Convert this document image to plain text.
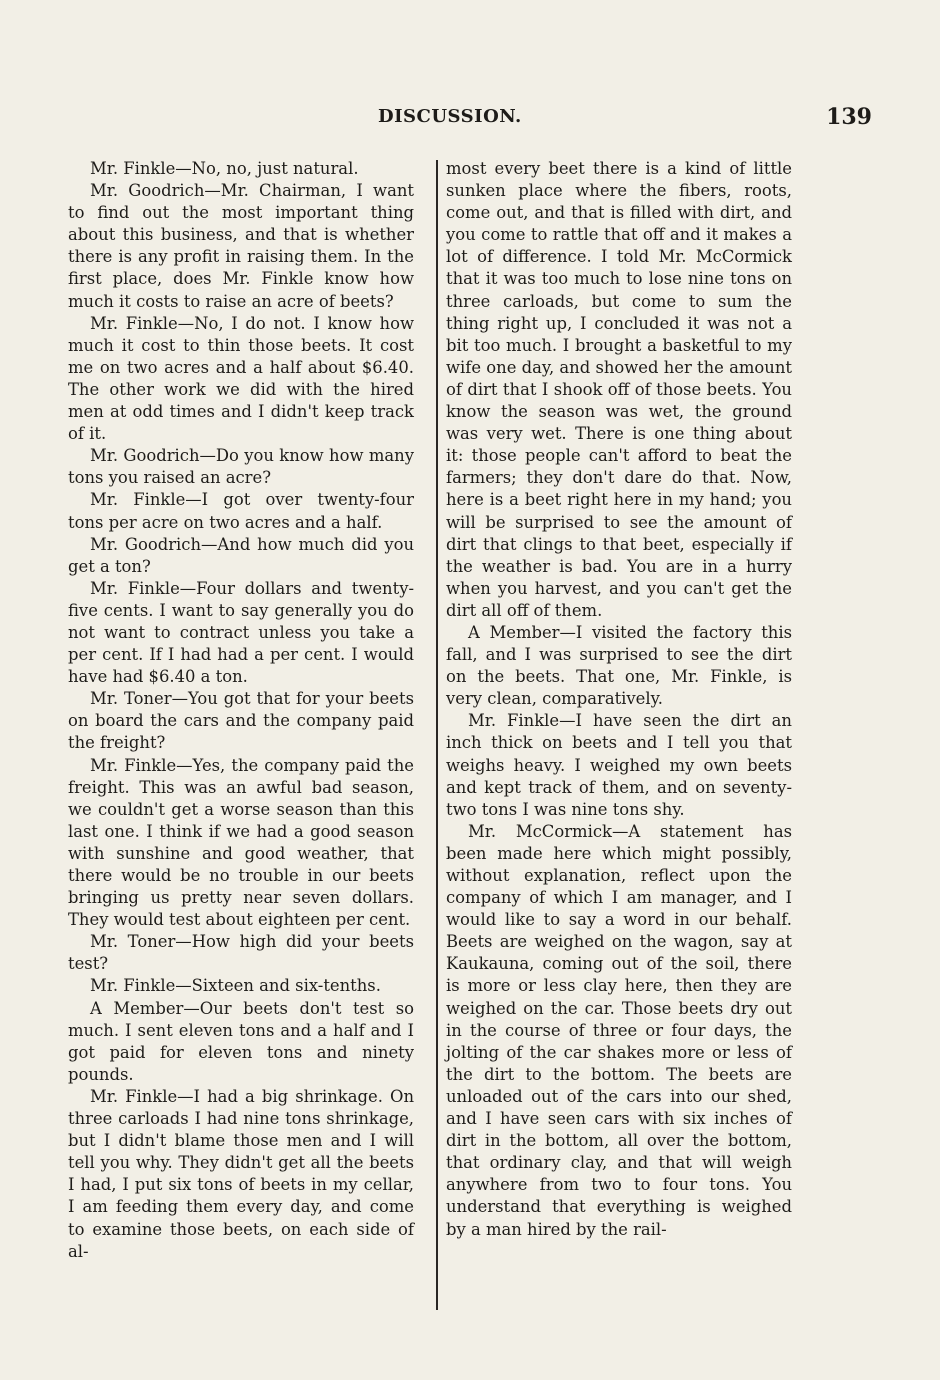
DISCUSSION.	139

Mr. Finkle—No, no, just natural.

Mr. Goodrich—Mr. Chairman, I want to find out the most important thing about this business, and that is whether there is any profit in raising them. In the first place, does Mr. Finkle know how much it costs to raise an acre of beets?

Mr. Finkle—No, I do not. I know how much it cost to thin those beets. It cost me on two acres and a half about $6.40. The other work we did with the hired men at odd times and I didn't keep track of it.

Mr. Goodrich—Do you know how many tons you raised an acre?

Mr. Finkle—I got over twenty-four tons per acre on two acres and a half.

Mr. Goodrich—And how much did you get a ton?

Mr. Finkle—Four dollars and twenty-five cents. I want to say generally you do not want to contract unless you take a per cent. If I had had a per cent. I would have had $6.40 a ton.

Mr. Toner—You got that for your beets on board the cars and the company paid the freight?

Mr. Finkle—Yes, the company paid the freight. This was an awful bad season, we couldn't get a worse season than this last one. I think if we had a good season with sunshine and good weather, that there would be no trouble in our beets bringing us pretty near seven dollars. They would test about eighteen per cent.

Mr. Toner—How high did your beets test?

Mr. Finkle—Sixteen and six-tenths.

A Member—Our beets don't test so much. I sent eleven tons and a half and I got paid for eleven tons and ninety pounds.

Mr. Finkle—I had a big shrinkage. On three carloads I had nine tons shrinkage, but I didn't blame those men and I will tell you why. They didn't get all the beets I had, I put six tons of beets in my cellar, I am feeding them every day, and come to examine those beets, on each side of al-

most every beet there is a kind of little sunken place where the fibers, roots, come out, and that is filled with dirt, and you come to rattle that off and it makes a lot of difference. I told Mr. McCormick that it was too much to lose nine tons on three carloads, but come to sum the thing right up, I concluded it was not a bit too much. I brought a basketful to my wife one day, and showed her the amount of dirt that I shook off of those beets. You know the season was wet, the ground was very wet. There is one thing about it: those people can't afford to beat the farmers; they don't dare do that. Now, here is a beet right here in my hand; you will be surprised to see the amount of dirt that clings to that beet, especially if the weather is bad. You are in a hurry when you harvest, and you can't get the dirt all off of them.

A Member—I visited the factory this fall, and I was surprised to see the dirt on the beets. That one, Mr. Finkle, is very clean, comparatively.

Mr. Finkle—I have seen the dirt an inch thick on beets and I tell you that weighs heavy. I weighed my own beets and kept track of them, and on seventy-two tons I was nine tons shy.

Mr. McCormick—A statement has been made here which might possibly, without explanation, reflect upon the company of which I am manager, and I would like to say a word in our behalf. Beets are weighed on the wagon, say at Kaukauna, coming out of the soil, there is more or less clay here, then they are weighed on the car. Those beets dry out in the course of three or four days, the jolting of the car shakes more or less of the dirt to the bottom. The beets are unloaded out of the cars into our shed, and I have seen cars with six inches of dirt in the bottom, all over the bottom, that ordinary clay, and that will weigh anywhere from two to four tons. You understand that everything is weighed by a man hired by the rail-
